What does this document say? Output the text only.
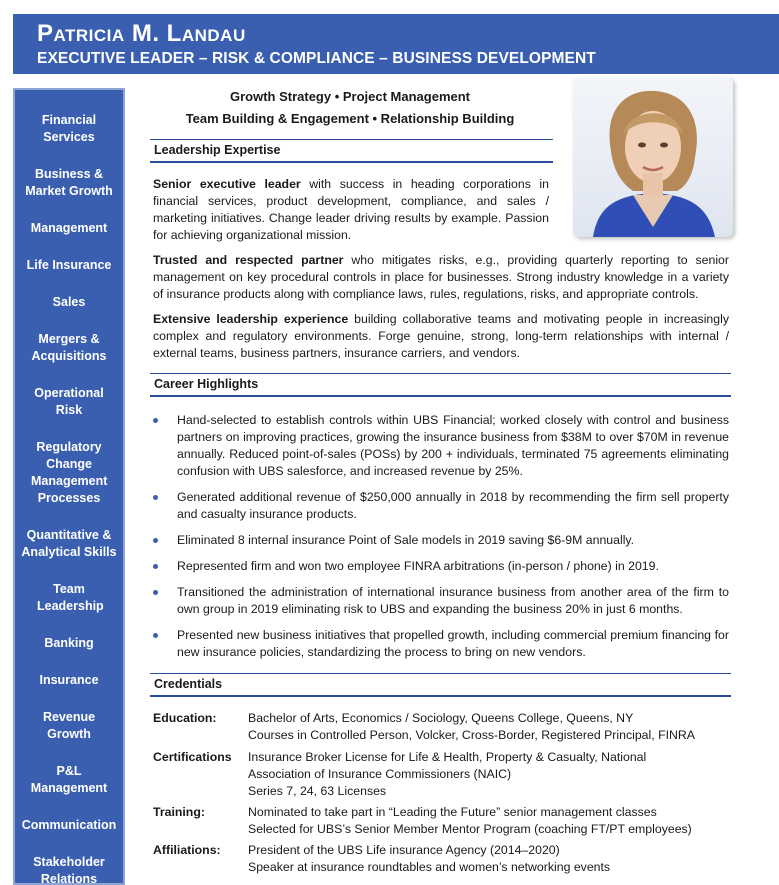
Patricia M. Landau
EXECUTIVE LEADER – RISK & COMPLIANCE – BUSINESS DEVELOPMENT
Financial Services
Business & Market Growth
Management
Life Insurance
Sales
Mergers & Acquisitions
Operational Risk
Regulatory Change Management Processes
Quantitative & Analytical Skills
Team Leadership
Banking
Insurance
Revenue Growth
P&L Management
Communication
Stakeholder Relations
Growth Strategy • Project Management
Team Building & Engagement • Relationship Building
Leadership Expertise
Senior executive leader with success in heading corporations in financial services, product development, compliance, and sales / marketing initiatives. Change leader driving results by example. Passion for achieving organizational mission.
Trusted and respected partner who mitigates risks, e.g., providing quarterly reporting to senior management on key procedural controls in place for businesses. Strong industry knowledge in a variety of insurance products along with compliance laws, rules, regulations, risks, and appropriate controls.
Extensive leadership experience building collaborative teams and motivating people in increasingly complex and regulatory environments. Forge genuine, strong, long-term relationships with internal / external teams, business partners, insurance carriers, and vendors.
Career Highlights
Hand-selected to establish controls within UBS Financial; worked closely with control and business partners on improving practices, growing the insurance business from $38M to over $70M in revenue annually. Reduced point-of-sales (POSs) by 200 + individuals, terminated 75 agreements eliminating confusion with UBS salesforce, and increased revenue by 25%.
Generated additional revenue of $250,000 annually in 2018 by recommending the firm sell property and casualty insurance products.
Eliminated 8 internal insurance Point of Sale models in 2019 saving $6-9M annually.
Represented firm and won two employee FINRA arbitrations (in-person / phone) in 2019.
Transitioned the administration of international insurance business from another area of the firm to own group in 2019 eliminating risk to UBS and expanding the business 20% in just 6 months.
Presented new business initiatives that propelled growth, including commercial premium financing for new insurance policies, standardizing the process to bring on new vendors.
Credentials
Education:	Bachelor of Arts, Economics / Sociology, Queens College, Queens, NY
Courses in Controlled Person, Volcker, Cross-Border, Registered Principal, FINRA
Certifications Insurance Broker License for Life & Health, Property & Casualty, National
Association of Insurance Commissioners (NAIC)
Series 7, 24, 63 Licenses
Training:	Nominated to take part in “Leading the Future” senior management classes
Selected for UBS’s Senior Member Mentor Program (coaching FT/PT employees)
Affiliations: President of the UBS Life insurance Agency (2014–2020)
Speaker at insurance roundtables and women’s networking events
